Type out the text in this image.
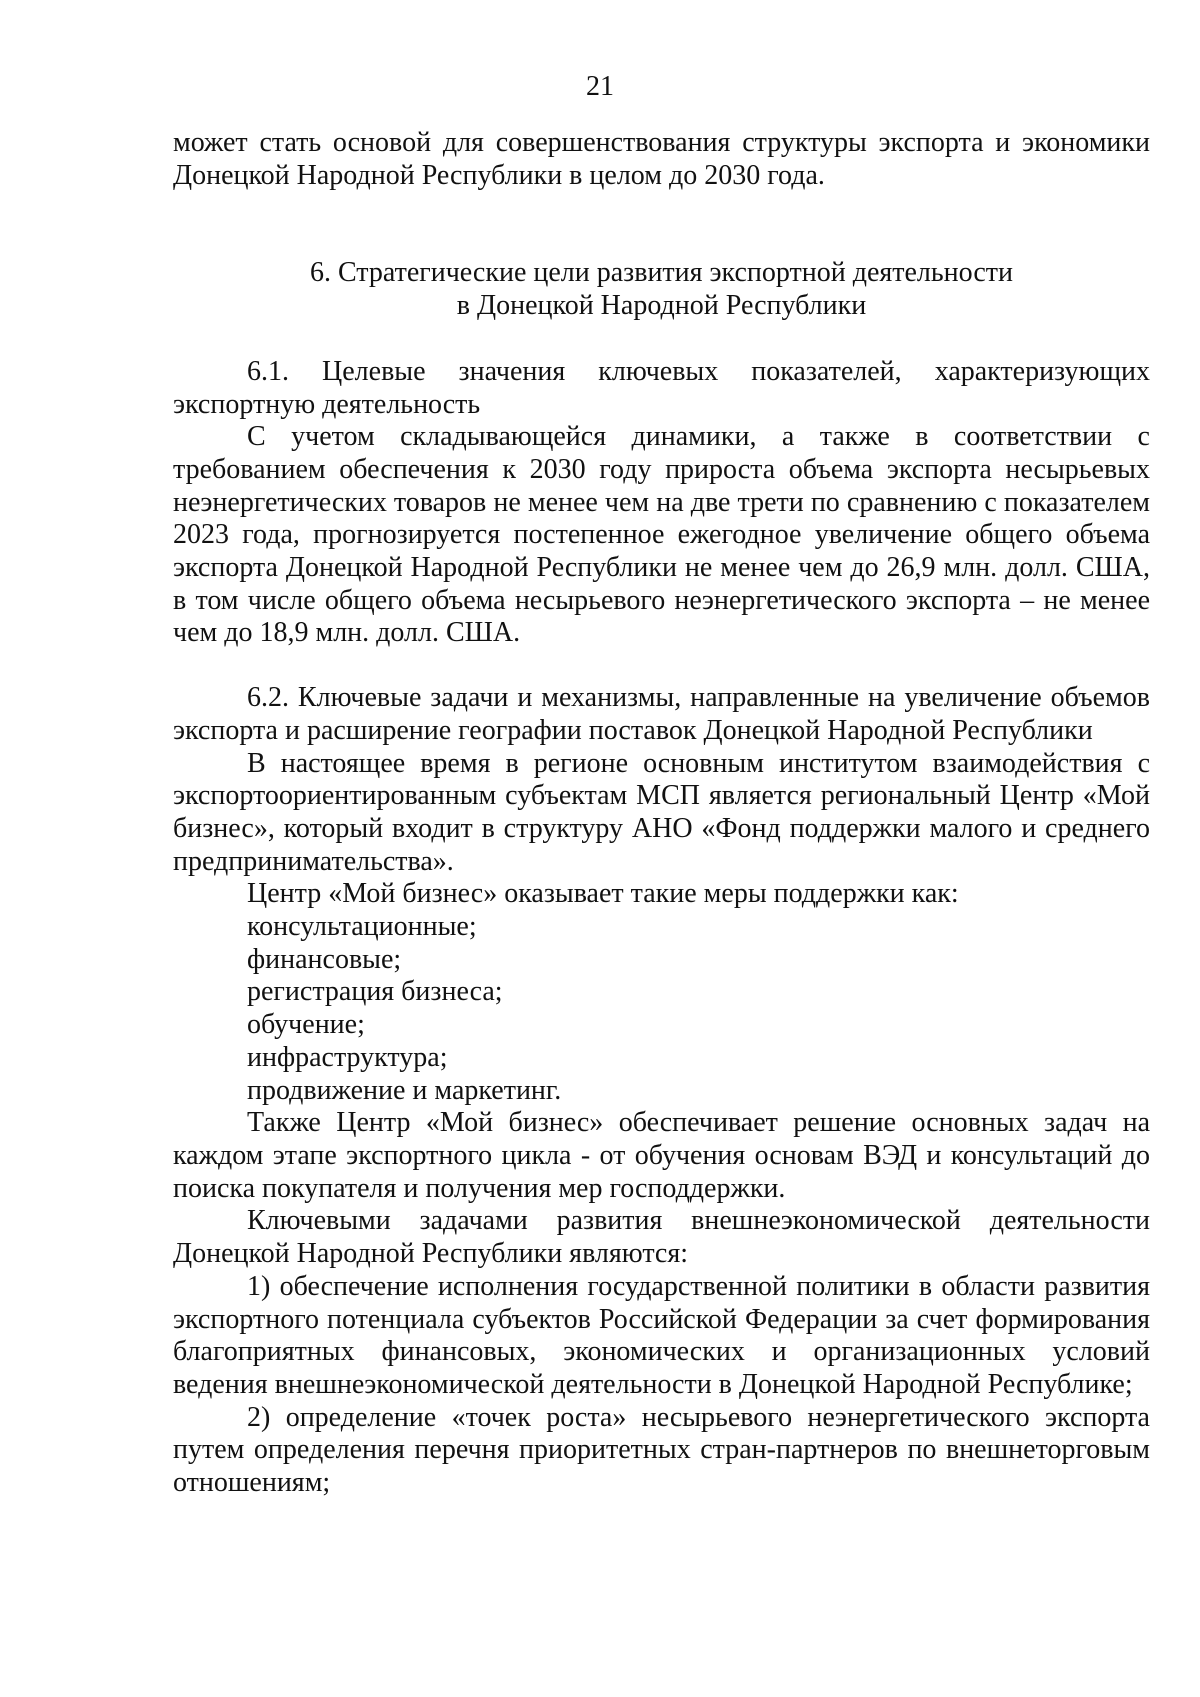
21

может стать основой для совершенствования структуры экспорта и экономики Донецкой Народной Республики в целом до 2030 года.

6. Стратегические цели развития экспортной деятельности

в Донецкой Народной Республики

6.1. Целевые значения ключевых показателей, характеризующих экспортную деятельность

С учетом складывающейся динамики, а также в соответствии с требованием обеспечения к 2030 году прироста объема экспорта несырьевых неэнергетических товаров не менее чем на две трети по сравнению с показателем 2023 года, прогнозируется постепенное ежегодное увеличение общего объема экспорта Донецкой Народной Республики не менее чем до 26,9 млн. долл. США, в том числе общего объема несырьевого неэнергетического экспорта – не менее чем до 18,9 млн. долл. США.

6.2. Ключевые задачи и механизмы, направленные на увеличение объемов экспорта и расширение географии поставок Донецкой Народной Республики

В настоящее время в регионе основным институтом взаимодействия с экспортоориентированным субъектам МСП является региональный Центр «Мой бизнес», который входит в структуру АНО «Фонд поддержки малого и среднего предпринимательства».

Центр «Мой бизнес» оказывает такие меры поддержки как:

консультационные;

финансовые;

регистрация бизнеса;

обучение;

инфраструктура;

продвижение и маркетинг.

Также Центр «Мой бизнес» обеспечивает решение основных задач на каждом этапе экспортного цикла - от обучения основам ВЭД и консультаций до поиска покупателя и получения мер господдержки.

Ключевыми задачами развития внешнеэкономической деятельности Донецкой Народной Республики являются:

1) обеспечение исполнения государственной политики в области развития экспортного потенциала субъектов Российской Федерации за счет формирования благоприятных финансовых, экономических и организационных условий ведения внешнеэкономической деятельности в Донецкой Народной Республике;

2) определение «точек роста» несырьевого неэнергетического экспорта путем определения перечня приоритетных стран-партнеров по внешнеторговым отношениям;
